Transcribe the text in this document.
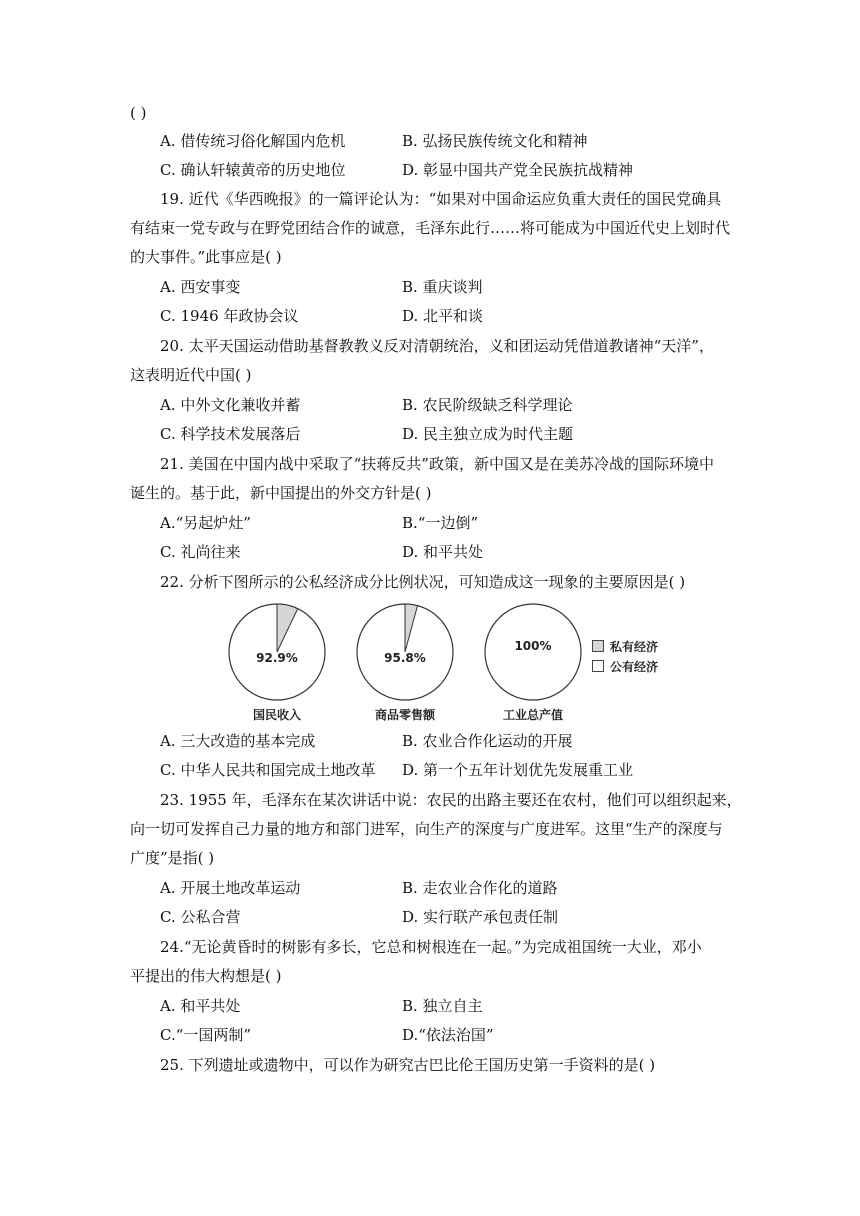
( )
A. 借传统习俗化解国内危机	B. 弘扬民族传统文化和精神
C. 确认轩辕黄帝的历史地位	D. 彰显中国共产党全民族抗战精神
19. 近代《华西晚报》的一篇评论认为：“如果对中国命运应负重大责任的国民党确具
有结束一党专政与在野党团结合作的诚意，毛泽东此行……将可能成为中国近代史上划时代
的大事件。”此事应是( )
A. 西安事变	B. 重庆谈判
C. 1946 年政协会议	D. 北平和谈
20. 太平天国运动借助基督教教义反对清朝统治，义和团运动凭借道教诸神“天洋”，
这表明近代中国( )
A. 中外文化兼收并蓄	B. 农民阶级缺乏科学理论
C. 科学技术发展落后	D. 民主独立成为时代主题
21. 美国在中国内战中采取了“扶蒋反共”政策，新中国又是在美苏冷战的国际环境中
诞生的。基于此，新中国提出的外交方针是( )
A.“另起炉灶”	B.“一边倒”
C. 礼尚往来	D. 和平共处
22. 分析下图所示的公私经济成分比例状况，可知造成这一现象的主要原因是( )
92.9%	95.8%
100%
国民收入	商品零售额	工业总产值
私有经济
公有经济
A. 三大改造的基本完成	B. 农业合作化运动的开展
C. 中华人民共和国完成土地改革 D. 第一个五年计划优先发展重工业
23. 1955 年，毛泽东在某次讲话中说：农民的出路主要还在农村，他们可以组织起来，
向一切可发挥自己力量的地方和部门进军，向生产的深度与广度进军。这里“生产的深度与
广度”是指( )
A. 开展土地改革运动	B. 走农业合作化的道路
C. 公私合营	D. 实行联产承包责任制
24.“无论黄昏时的树影有多长，它总和树根连在一起。”为完成祖国统一大业，邓小
平提出的伟大构想是( )
A. 和平共处	B. 独立自主
C.“一国两制”	D.“依法治国”
25. 下列遗址或遗物中，可以作为研究古巴比伦王国历史第一手资料的是( )
